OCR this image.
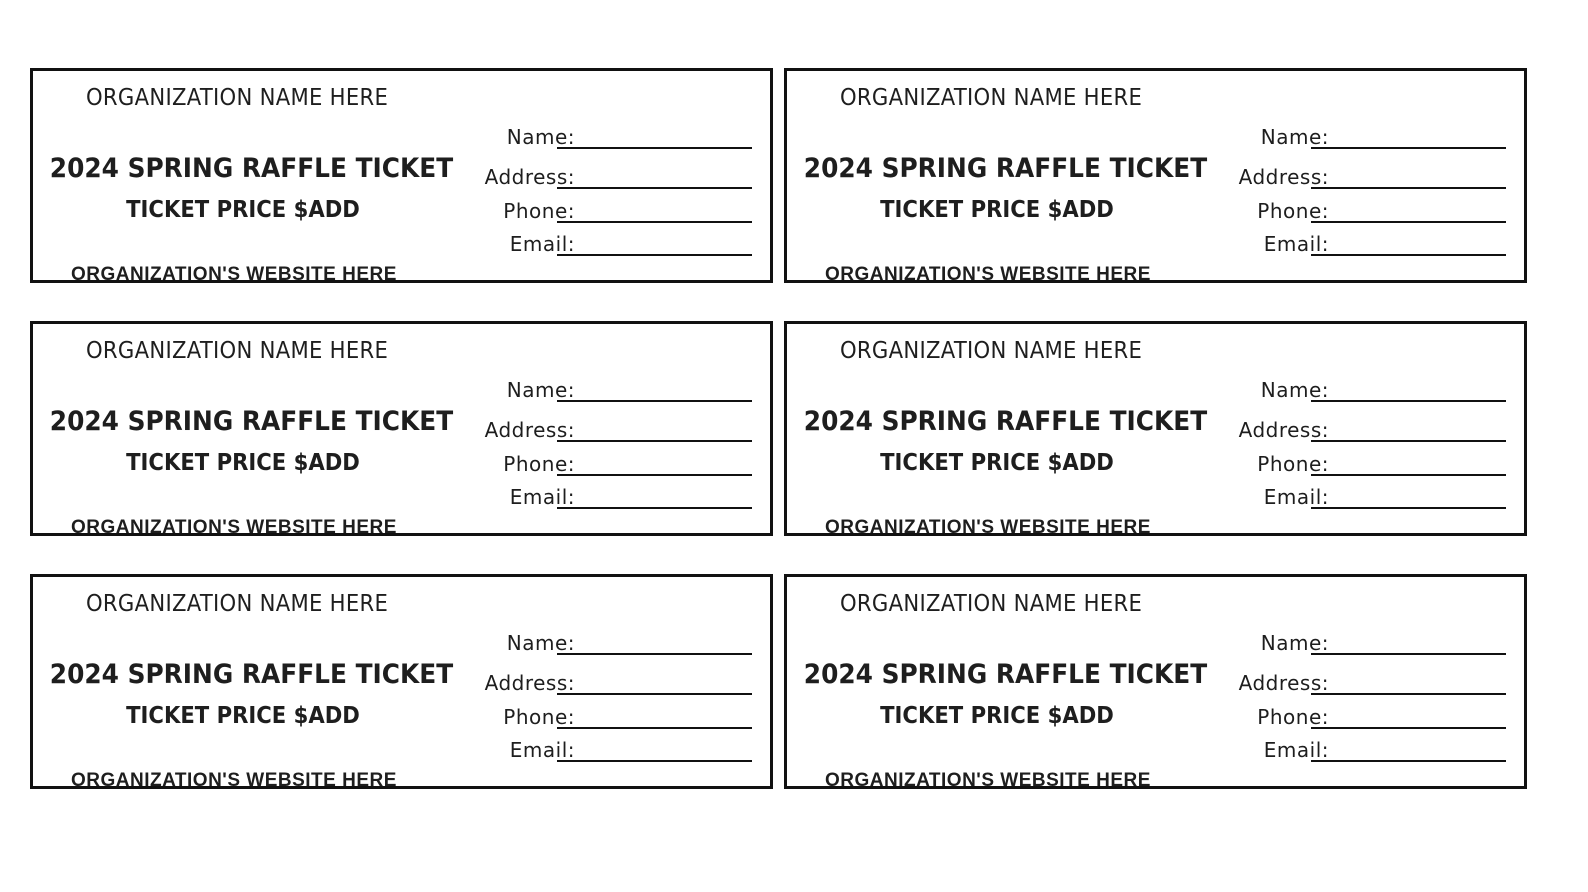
ORGANIZATION NAME HERE
2024 SPRING RAFFLE TICKET
TICKET PRICE $ADD
ORGANIZATION'S WEBSITE HERE
Name:
Address:
Phone:
Email:
ORGANIZATION NAME HERE
2024 SPRING RAFFLE TICKET
TICKET PRICE $ADD
ORGANIZATION'S WEBSITE HERE
Name:
Address:
Phone:
Email:
ORGANIZATION NAME HERE
2024 SPRING RAFFLE TICKET
TICKET PRICE $ADD
ORGANIZATION'S WEBSITE HERE
Name:
Address:
Phone:
Email:
ORGANIZATION NAME HERE
2024 SPRING RAFFLE TICKET
TICKET PRICE $ADD
ORGANIZATION'S WEBSITE HERE
Name:
Address:
Phone:
Email:
ORGANIZATION NAME HERE
2024 SPRING RAFFLE TICKET
TICKET PRICE $ADD
ORGANIZATION'S WEBSITE HERE
Name:
Address:
Phone:
Email:
ORGANIZATION NAME HERE
2024 SPRING RAFFLE TICKET
TICKET PRICE $ADD
ORGANIZATION'S WEBSITE HERE
Name:
Address:
Phone:
Email:
